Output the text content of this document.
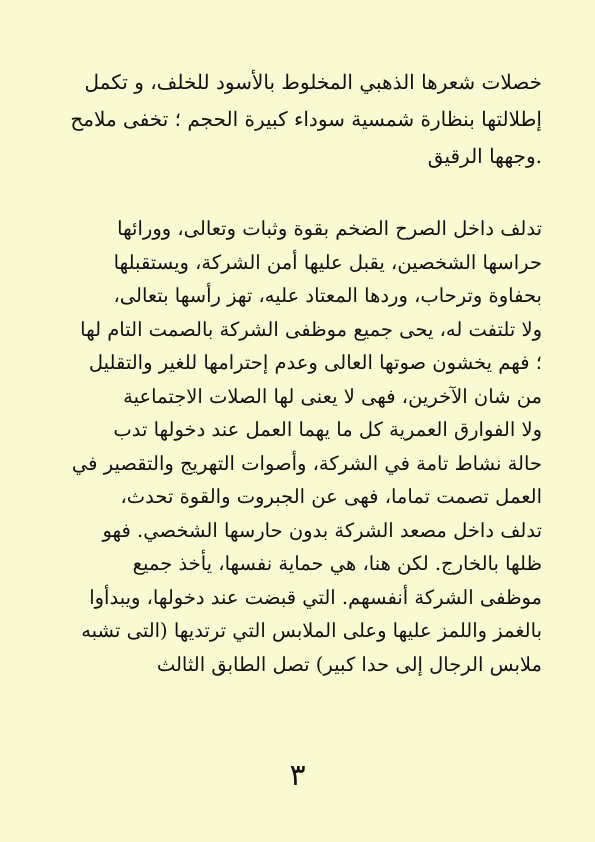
خصلات شعرها الذهبي المخلوط بالأسود للخلف، و تكمل
إطلالتها بنظارة شمسية سوداء كبيرة الحجم ؛ تخفى ملامح
.وجهها الرقيق
تدلف داخل الصرح الضخم بقوة وثبات وتعالى، وورائها
حراسها الشخصين، يقبل عليها أمن الشركة، ويستقبلها
بحفاوة وترحاب، وردها المعتاد عليه، تهز رأسها بتعالى،
ولا تلتفت له، يحى جميع موظفى الشركة بالصمت التام لها
؛ فهم يخشون صوتها العالى وعدم إحترامها للغير والتقليل
من شان الآخرين، فهى لا يعنى لها الصلات الاجتماعية
ولا الفوارق العمرية كل ما يهما العمل عند دخولها تدب
حالة نشاط تامة في الشركة، وأصوات التهريج والتقصير في
العمل تصمت تماما، فهى عن الجبروت والقوة تحدث،
تدلف داخل مصعد الشركة بدون حارسها الشخصي. فهو
ظلها بالخارج. لكن هنا، هي حماية نفسها، يأخذ جميع
موظفى الشركة أنفسهم. التي قبضت عند دخولها، ويبدأوا
بالغمز واللمز عليها وعلى الملابس التي ترتديها (التى تشبه
ملابس الرجال إلى حدا كبير) تصل الطابق الثالث
٣
